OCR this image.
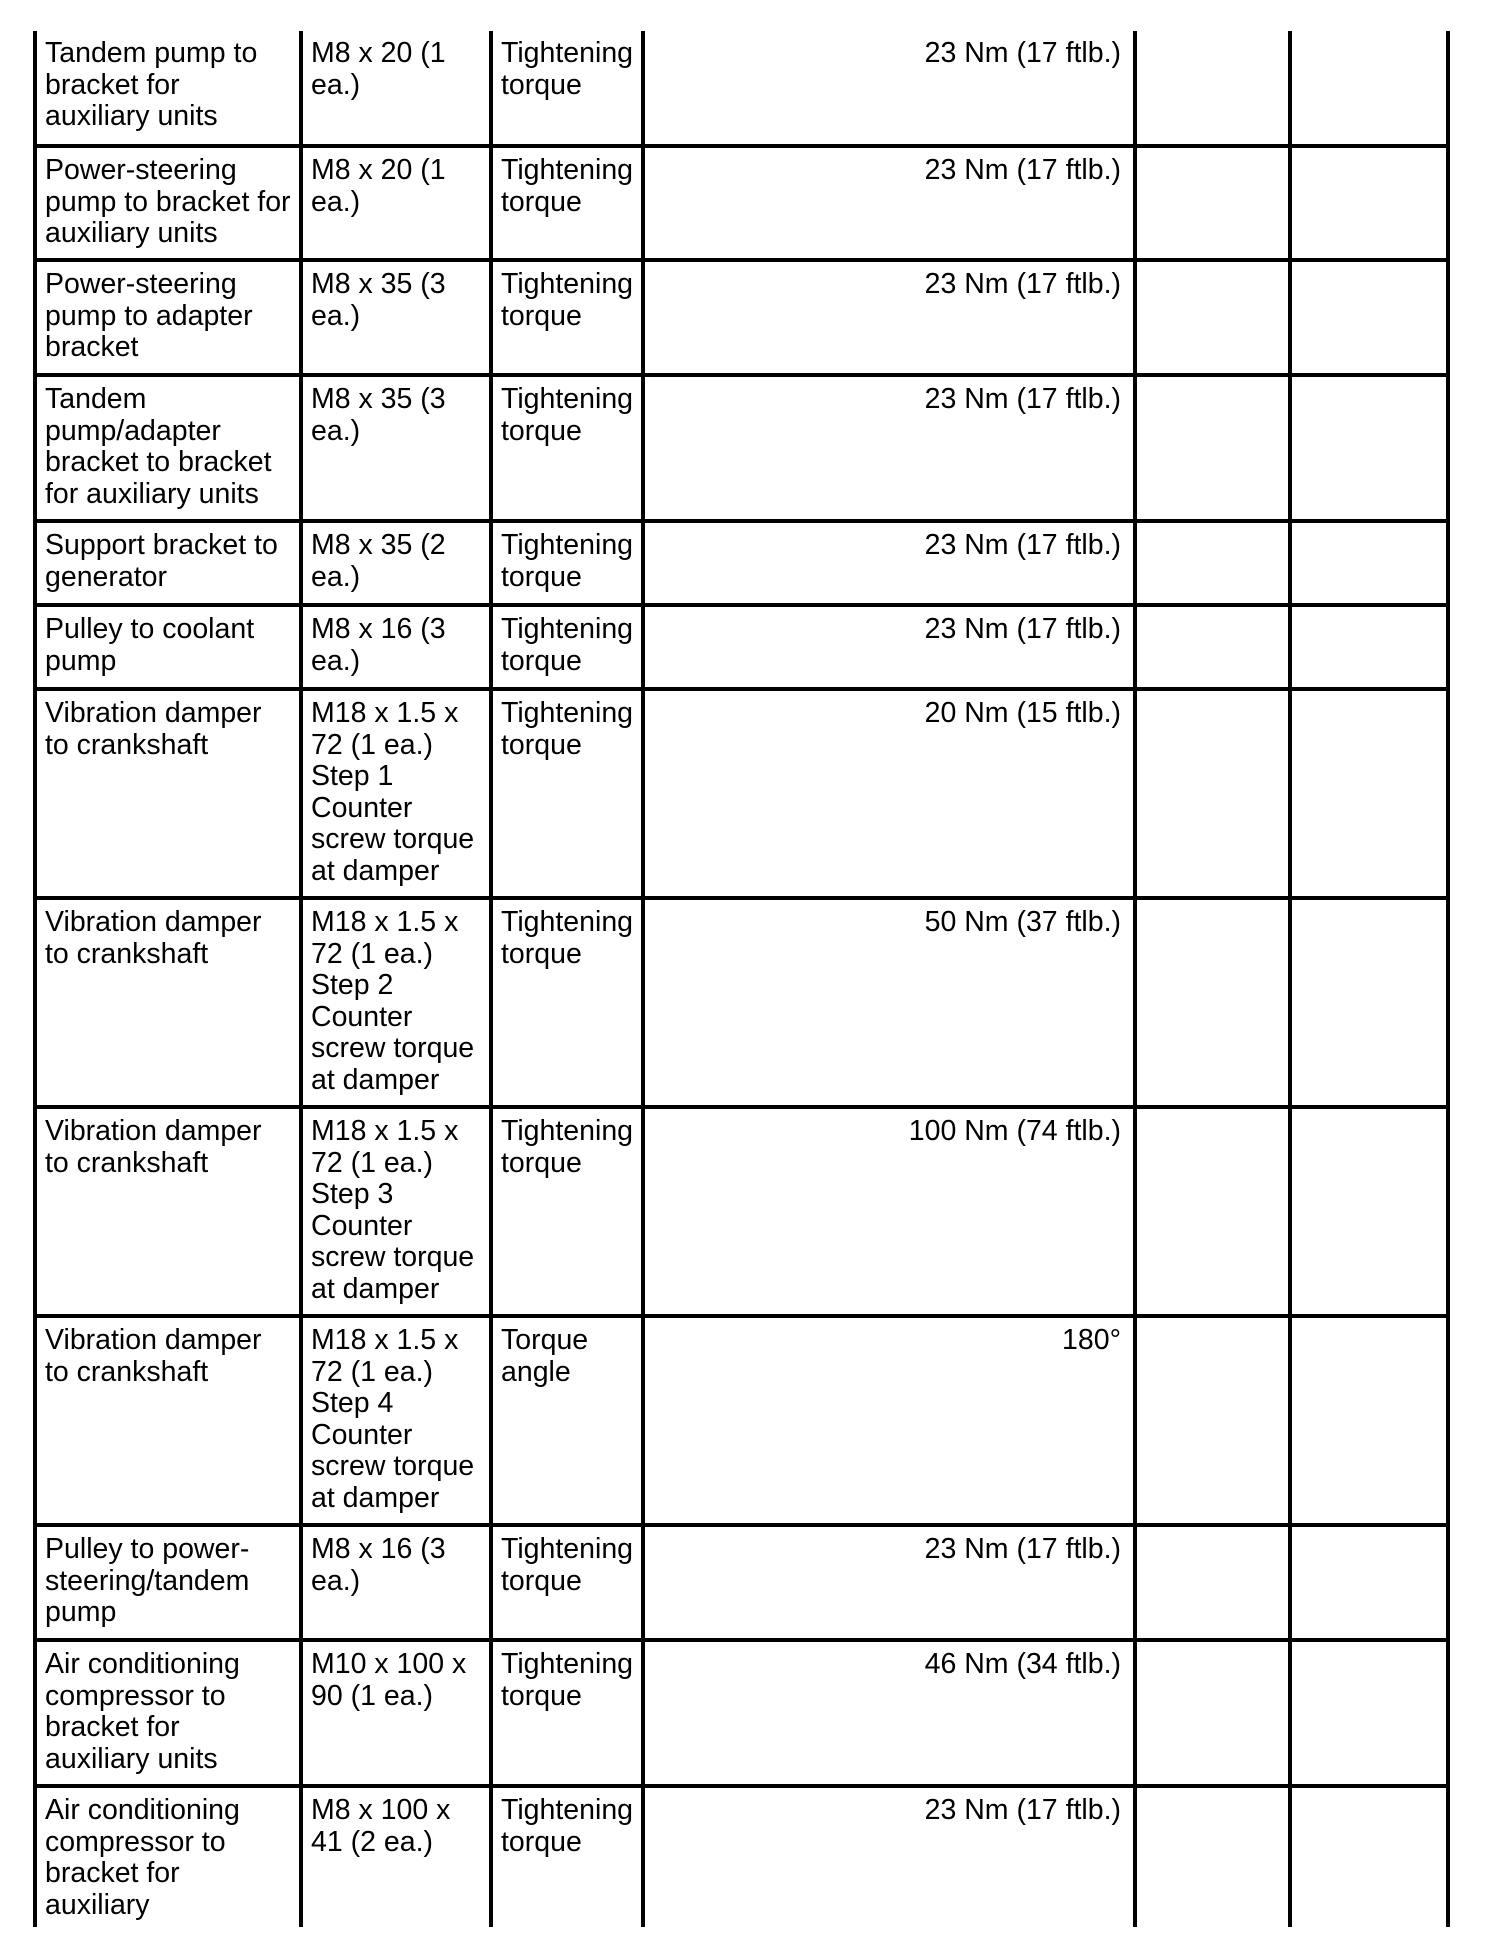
Tandem pump to bracket for auxiliary units	M8 x 20 (1 ea.)	Tightening torque	23 Nm (17 ftlb.)		
Power-steering pump to bracket for auxiliary units	M8 x 20 (1 ea.)	Tightening torque	23 Nm (17 ftlb.)		
Power-steering pump to adapter bracket	M8 x 35 (3 ea.)	Tightening torque	23 Nm (17 ftlb.)		
Tandem pump/adapter bracket to bracket for auxiliary units	M8 x 35 (3 ea.)	Tightening torque	23 Nm (17 ftlb.)		
Support bracket to generator	M8 x 35 (2 ea.)	Tightening torque	23 Nm (17 ftlb.)		
Pulley to coolant pump	M8 x 16 (3 ea.)	Tightening torque	23 Nm (17 ftlb.)		
Vibration damper to crankshaft	M18 x 1.5 x 72 (1 ea.) Step 1 Counter screw torque at damper	Tightening torque	20 Nm (15 ftlb.)		
Vibration damper to crankshaft	M18 x 1.5 x 72 (1 ea.) Step 2 Counter screw torque at damper	Tightening torque	50 Nm (37 ftlb.)		
Vibration damper to crankshaft	M18 x 1.5 x 72 (1 ea.) Step 3 Counter screw torque at damper	Tightening torque	100 Nm (74 ftlb.)		
Vibration damper to crankshaft	M18 x 1.5 x 72 (1 ea.) Step 4 Counter screw torque at damper	Torque angle	180°		
Pulley to power-steering/tandem pump	M8 x 16 (3 ea.)	Tightening torque	23 Nm (17 ftlb.)		
Air conditioning compressor to bracket for auxiliary units	M10 x 100 x 90 (1 ea.)	Tightening torque	46 Nm (34 ftlb.)		
Air conditioning compressor to bracket for auxiliary	M8 x 100 x 41 (2 ea.)	Tightening torque	23 Nm (17 ftlb.)		
